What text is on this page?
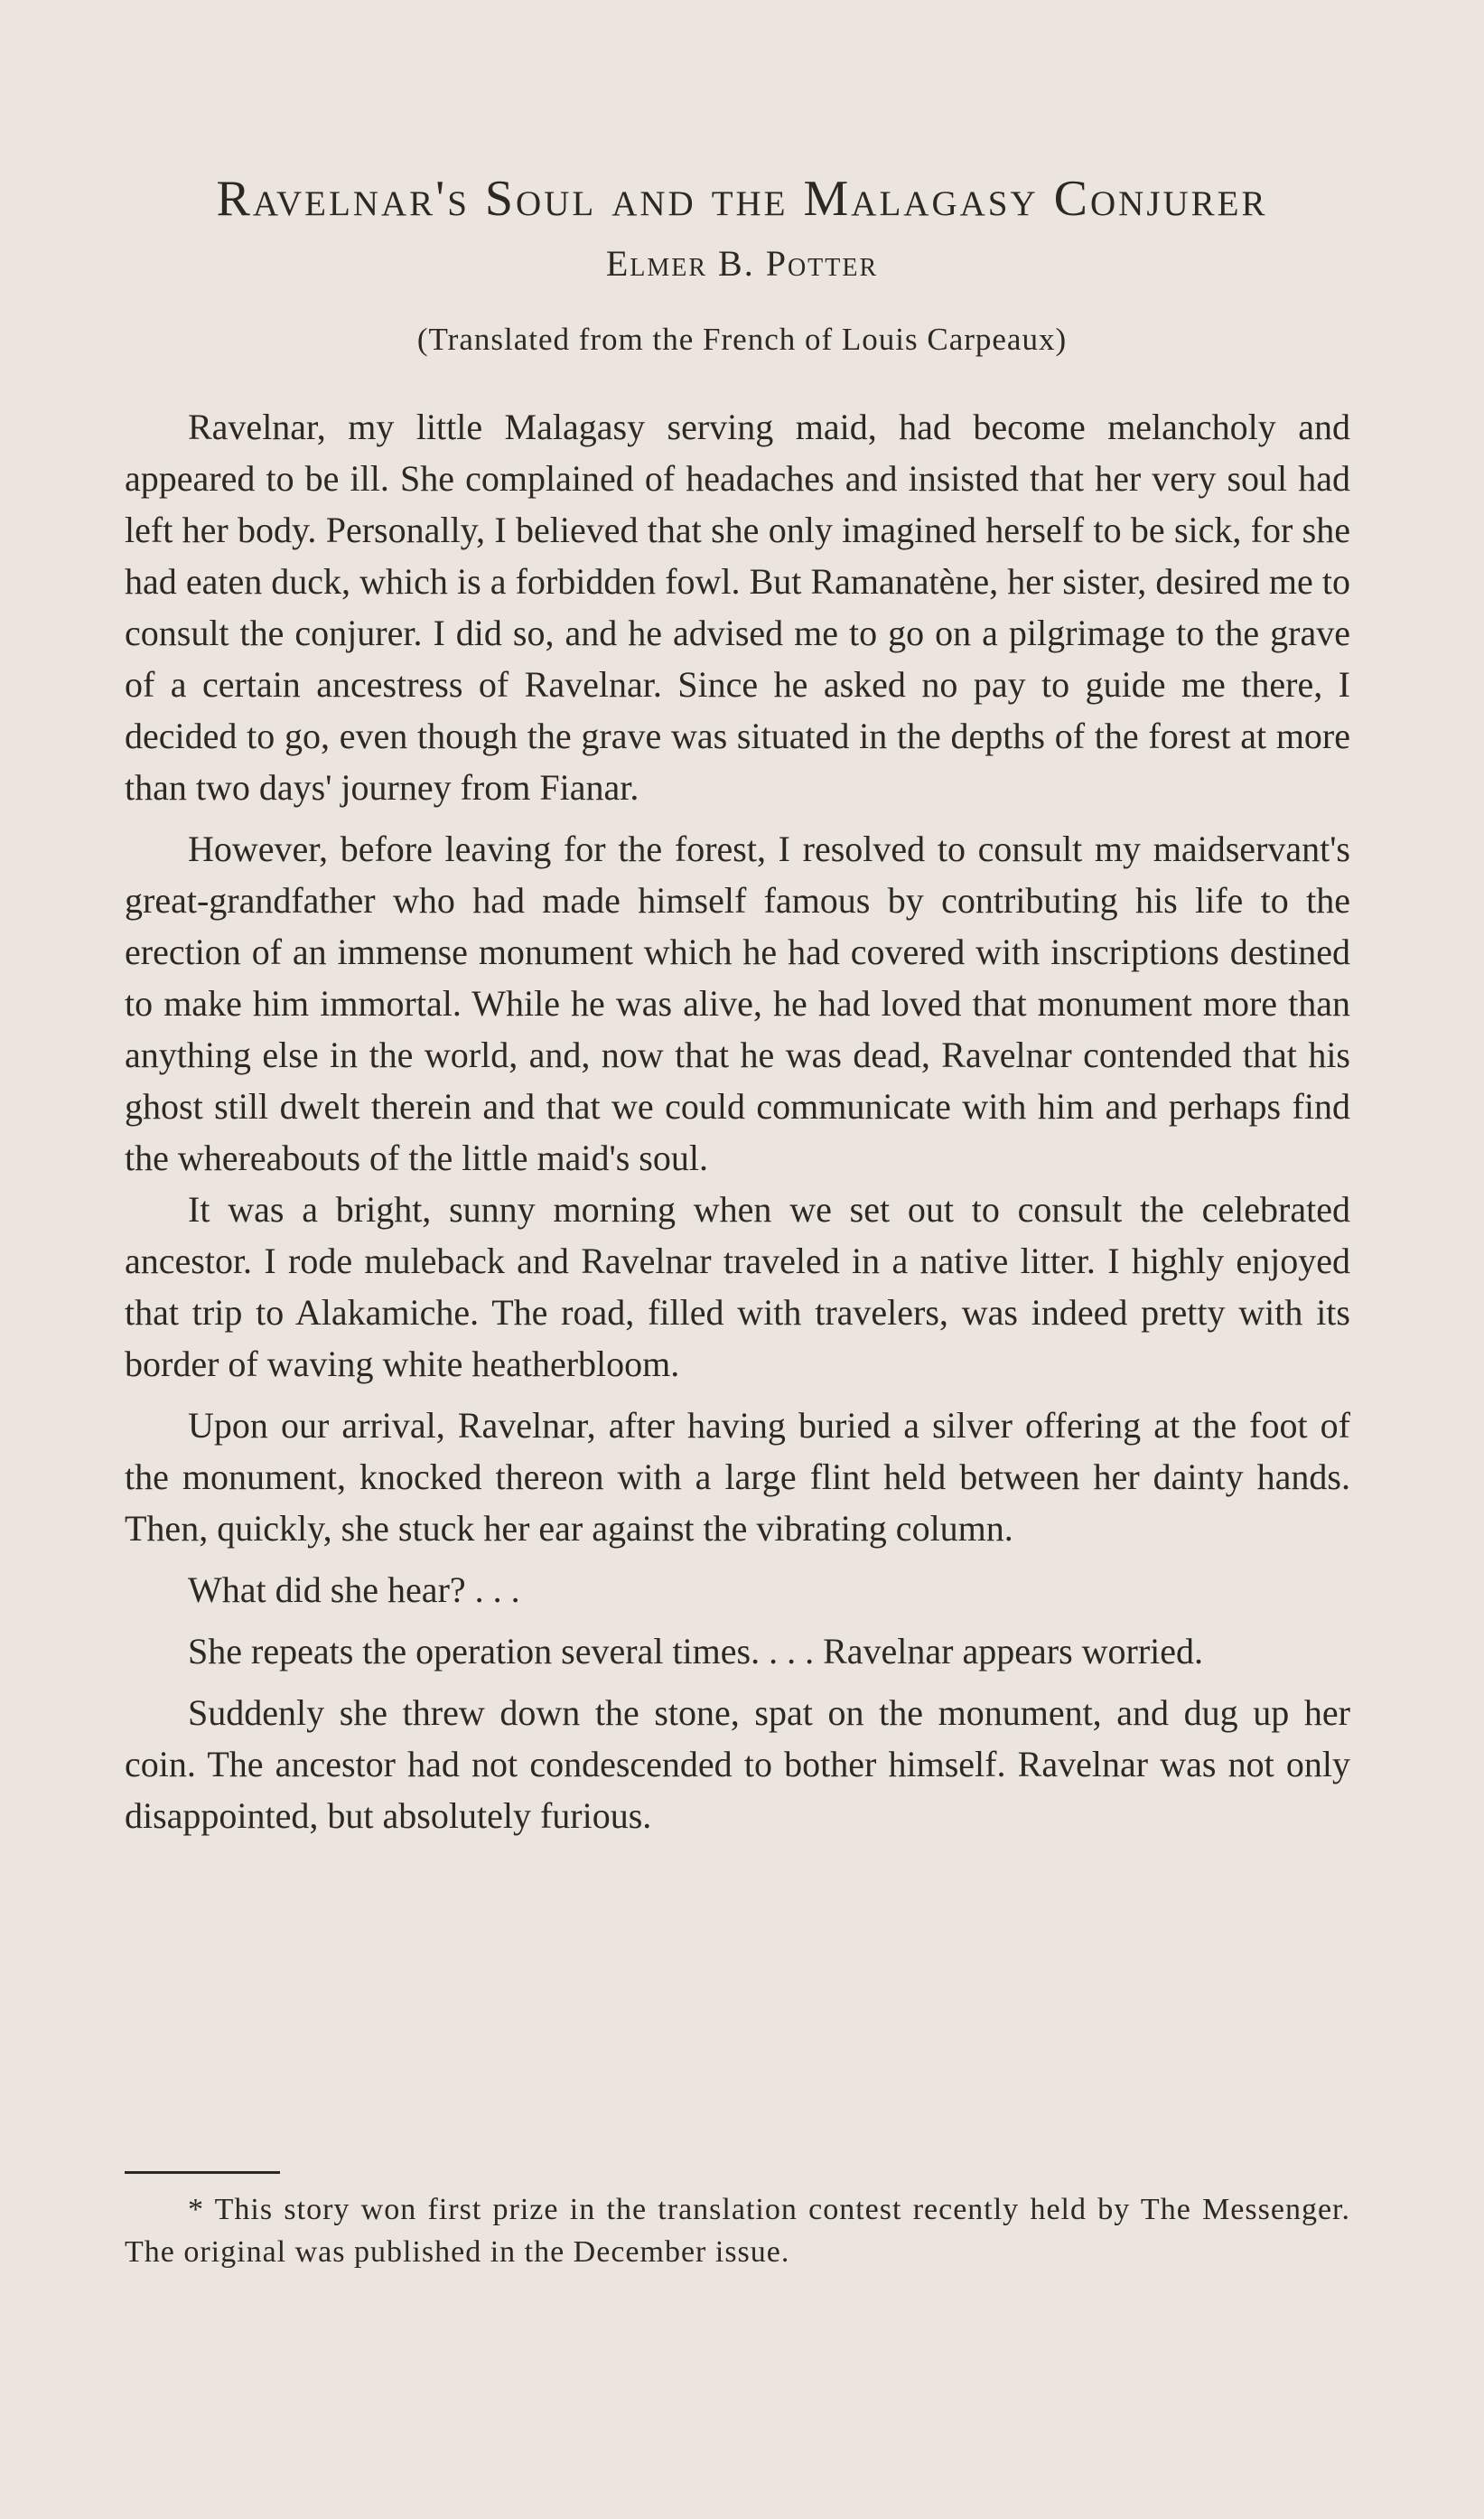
Ravelnar's Soul and the Malagasy Conjurer
Elmer B. Potter
(Translated from the French of Louis Carpeaux)

Ravelnar, my little Malagasy serving maid, had become melancholy and appeared to be ill. She complained of headaches and insisted that her very soul had left her body. Personally, I believed that she only imagined herself to be sick, for she had eaten duck, which is a forbidden fowl. But Ramanatène, her sister, desired me to consult the conjurer. I did so, and he advised me to go on a pilgrimage to the grave of a certain ancestress of Ravelnar. Since he asked no pay to guide me there, I decided to go, even though the grave was situated in the depths of the forest at more than two days' journey from Fianar.

However, before leaving for the forest, I resolved to consult my maidservant's great-grandfather who had made himself famous by contributing his life to the erection of an immense monument which he had covered with inscriptions destined to make him immortal. While he was alive, he had loved that monument more than anything else in the world, and, now that he was dead, Ravelnar contended that his ghost still dwelt therein and that we could communicate with him and perhaps find the whereabouts of the little maid's soul.

It was a bright, sunny morning when we set out to consult the celebrated ancestor. I rode muleback and Ravelnar traveled in a native litter. I highly enjoyed that trip to Alakamiche. The road, filled with travelers, was indeed pretty with its border of waving white heatherbloom.

Upon our arrival, Ravelnar, after having buried a silver offering at the foot of the monument, knocked thereon with a large flint held between her dainty hands. Then, quickly, she stuck her ear against the vibrating column.

What did she hear? . . .

She repeats the operation several times. . . . Ravelnar appears worried.

Suddenly she threw down the stone, spat on the monument, and dug up her coin. The ancestor had not condescended to bother himself. Ravelnar was not only disappointed, but absolutely furious.

* This story won first prize in the translation contest recently held by The Messenger. The original was published in the December issue.
